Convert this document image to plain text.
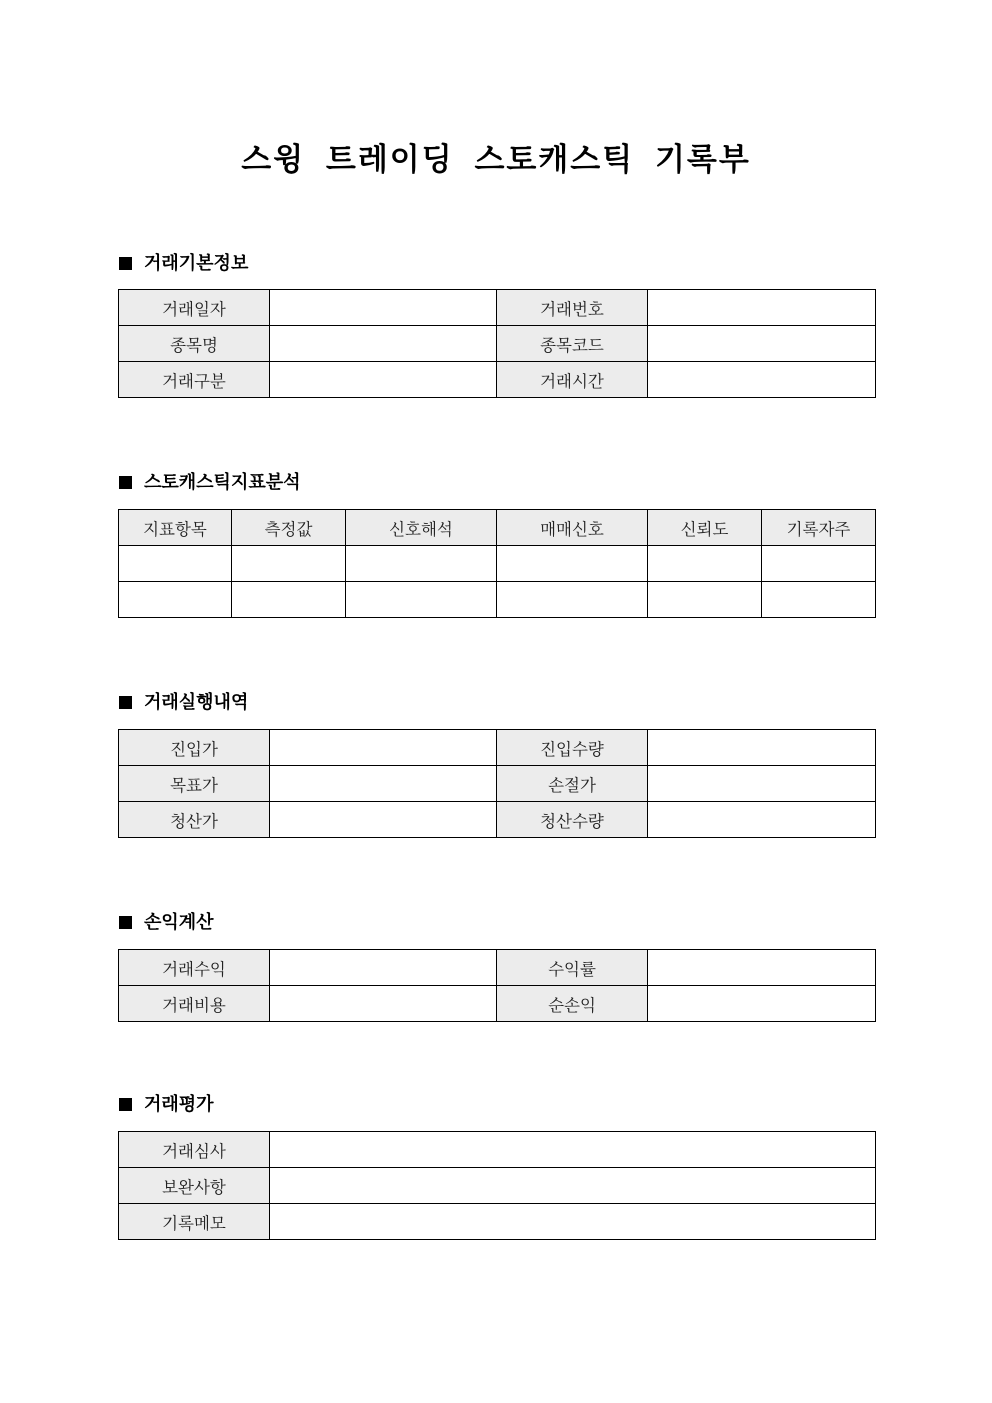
스윙 트레이딩 스토캐스틱 기록부
거래기본정보
거래일자		거래번호	
종목명		종목코드	
거래구분		거래시간	
스토캐스틱지표분석
지표항목	측정값	신호해석	매매신호	신뢰도	기록자주

거래실행내역
진입가		진입수량	
목표가		손절가	
청산가		청산수량	
손익계산
거래수익		수익률	
거래비용		순손익	
거래평가
거래심사	
보완사항	
기록메모	
